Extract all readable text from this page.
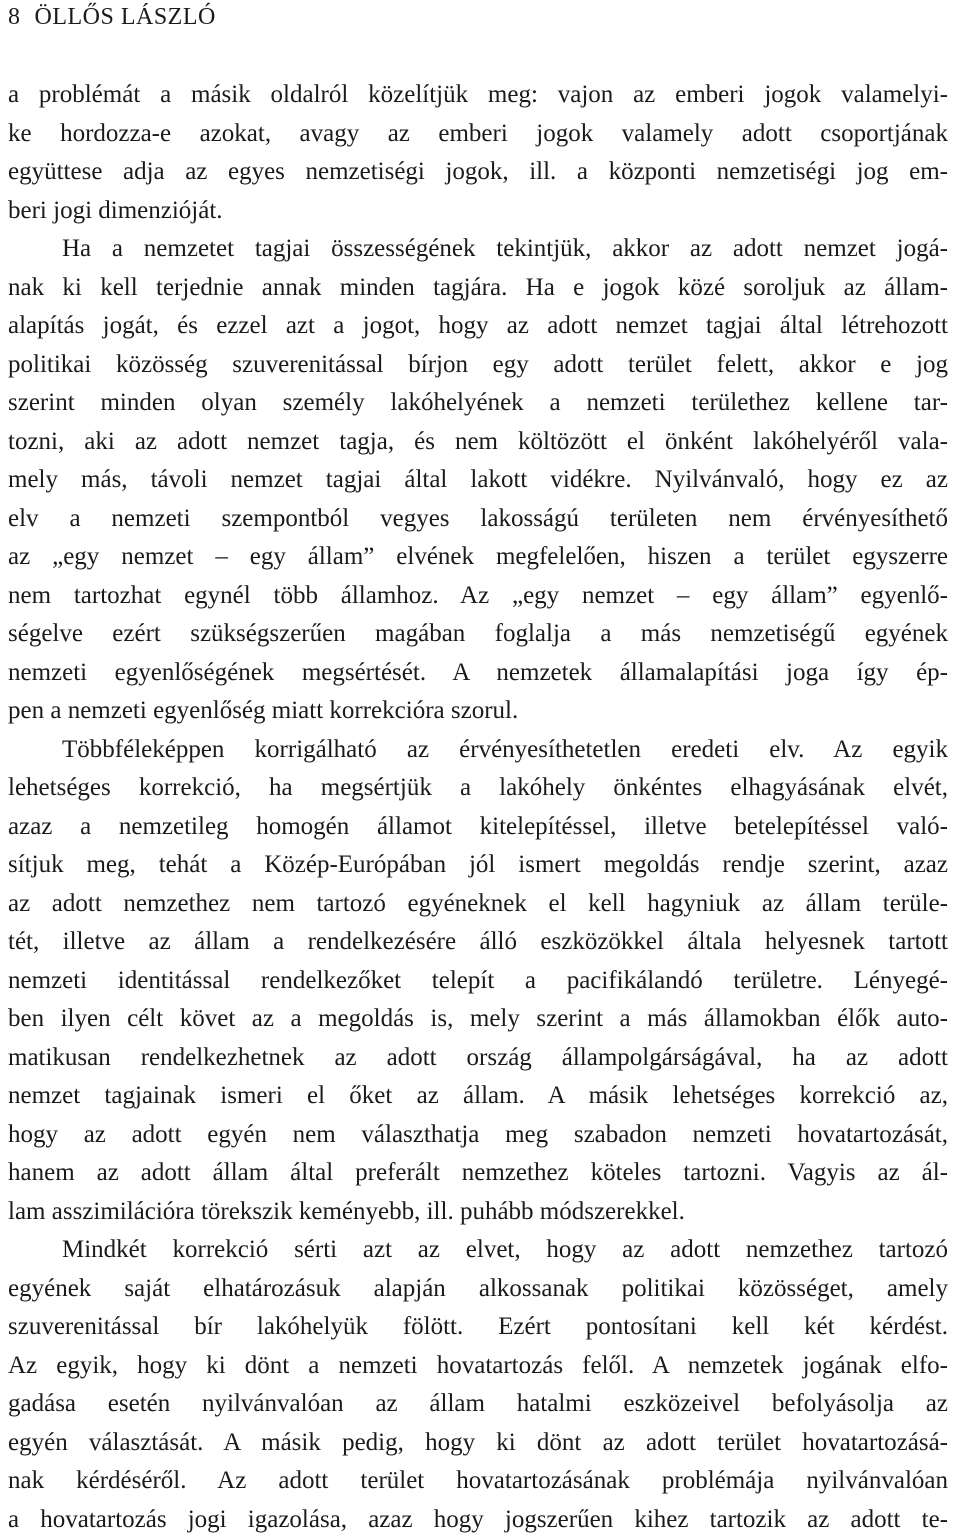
8 ÖLLŐS LÁSZLÓ
a problémát a másik oldalról közelítjük meg: vajon az emberi jogok valamelyi-
ke hordozza-e azokat, avagy az emberi jogok valamely adott csoportjának
együttese adja az egyes nemzetiségi jogok, ill. a központi nemzetiségi jog em-
beri jogi dimenzióját.
Ha a nemzetet tagjai összességének tekintjük, akkor az adott nemzet jogá-
nak ki kell terjednie annak minden tagjára. Ha e jogok közé soroljuk az állam-
alapítás jogát, és ezzel azt a jogot, hogy az adott nemzet tagjai által létrehozott
politikai közösség szuverenitással bírjon egy adott terület felett, akkor e jog
szerint minden olyan személy lakóhelyének a nemzeti területhez kellene tar-
tozni, aki az adott nemzet tagja, és nem költözött el önként lakóhelyéről vala-
mely más, távoli nemzet tagjai által lakott vidékre. Nyilvánvaló, hogy ez az
elv a nemzeti szempontból vegyes lakosságú területen nem érvényesíthető
az „egy nemzet – egy állam” elvének megfelelően, hiszen a terület egyszerre
nem tartozhat egynél több államhoz. Az „egy nemzet – egy állam” egyenlő-
ségelve ezért szükségszerűen magában foglalja a más nemzetiségű egyének
nemzeti egyenlőségének megsértését. A nemzetek államalapítási joga így ép-
pen a nemzeti egyenlőség miatt korrekcióra szorul.
Többféleképpen korrigálható az érvényesíthetetlen eredeti elv. Az egyik
lehetséges korrekció, ha megsértjük a lakóhely önkéntes elhagyásának elvét,
azaz a nemzetileg homogén államot kitelepítéssel, illetve betelepítéssel való-
sítjuk meg, tehát a Közép-Európában jól ismert megoldás rendje szerint, azaz
az adott nemzethez nem tartozó egyéneknek el kell hagyniuk az állam terüle-
tét, illetve az állam a rendelkezésére álló eszközökkel általa helyesnek tartott
nemzeti identitással rendelkezőket telepít a pacifikálandó területre. Lényegé-
ben ilyen célt követ az a megoldás is, mely szerint a más államokban élők auto-
matikusan rendelkezhetnek az adott ország állampolgárságával, ha az adott
nemzet tagjainak ismeri el őket az állam. A másik lehetséges korrekció az,
hogy az adott egyén nem választhatja meg szabadon nemzeti hovatartozását,
hanem az adott állam által preferált nemzethez köteles tartozni. Vagyis az ál-
lam asszimilációra törekszik keményebb, ill. puhább módszerekkel.
Mindkét korrekció sérti azt az elvet, hogy az adott nemzethez tartozó
egyének saját elhatározásuk alapján alkossanak politikai közösséget, amely
szuverenitással bír lakóhelyük fölött. Ezért pontosítani kell két kérdést.
Az egyik, hogy ki dönt a nemzeti hovatartozás felől. A nemzetek jogának elfo-
gadása esetén nyilvánvalóan az állam hatalmi eszközeivel befolyásolja az
egyén választását. A másik pedig, hogy ki dönt az adott terület hovatartozásá-
nak kérdéséről. Az adott terület hovatartozásának problémája nyilvánvalóan
a hovatartozás jogi igazolása, azaz hogy jogszerűen kihez tartozik az adott te-
